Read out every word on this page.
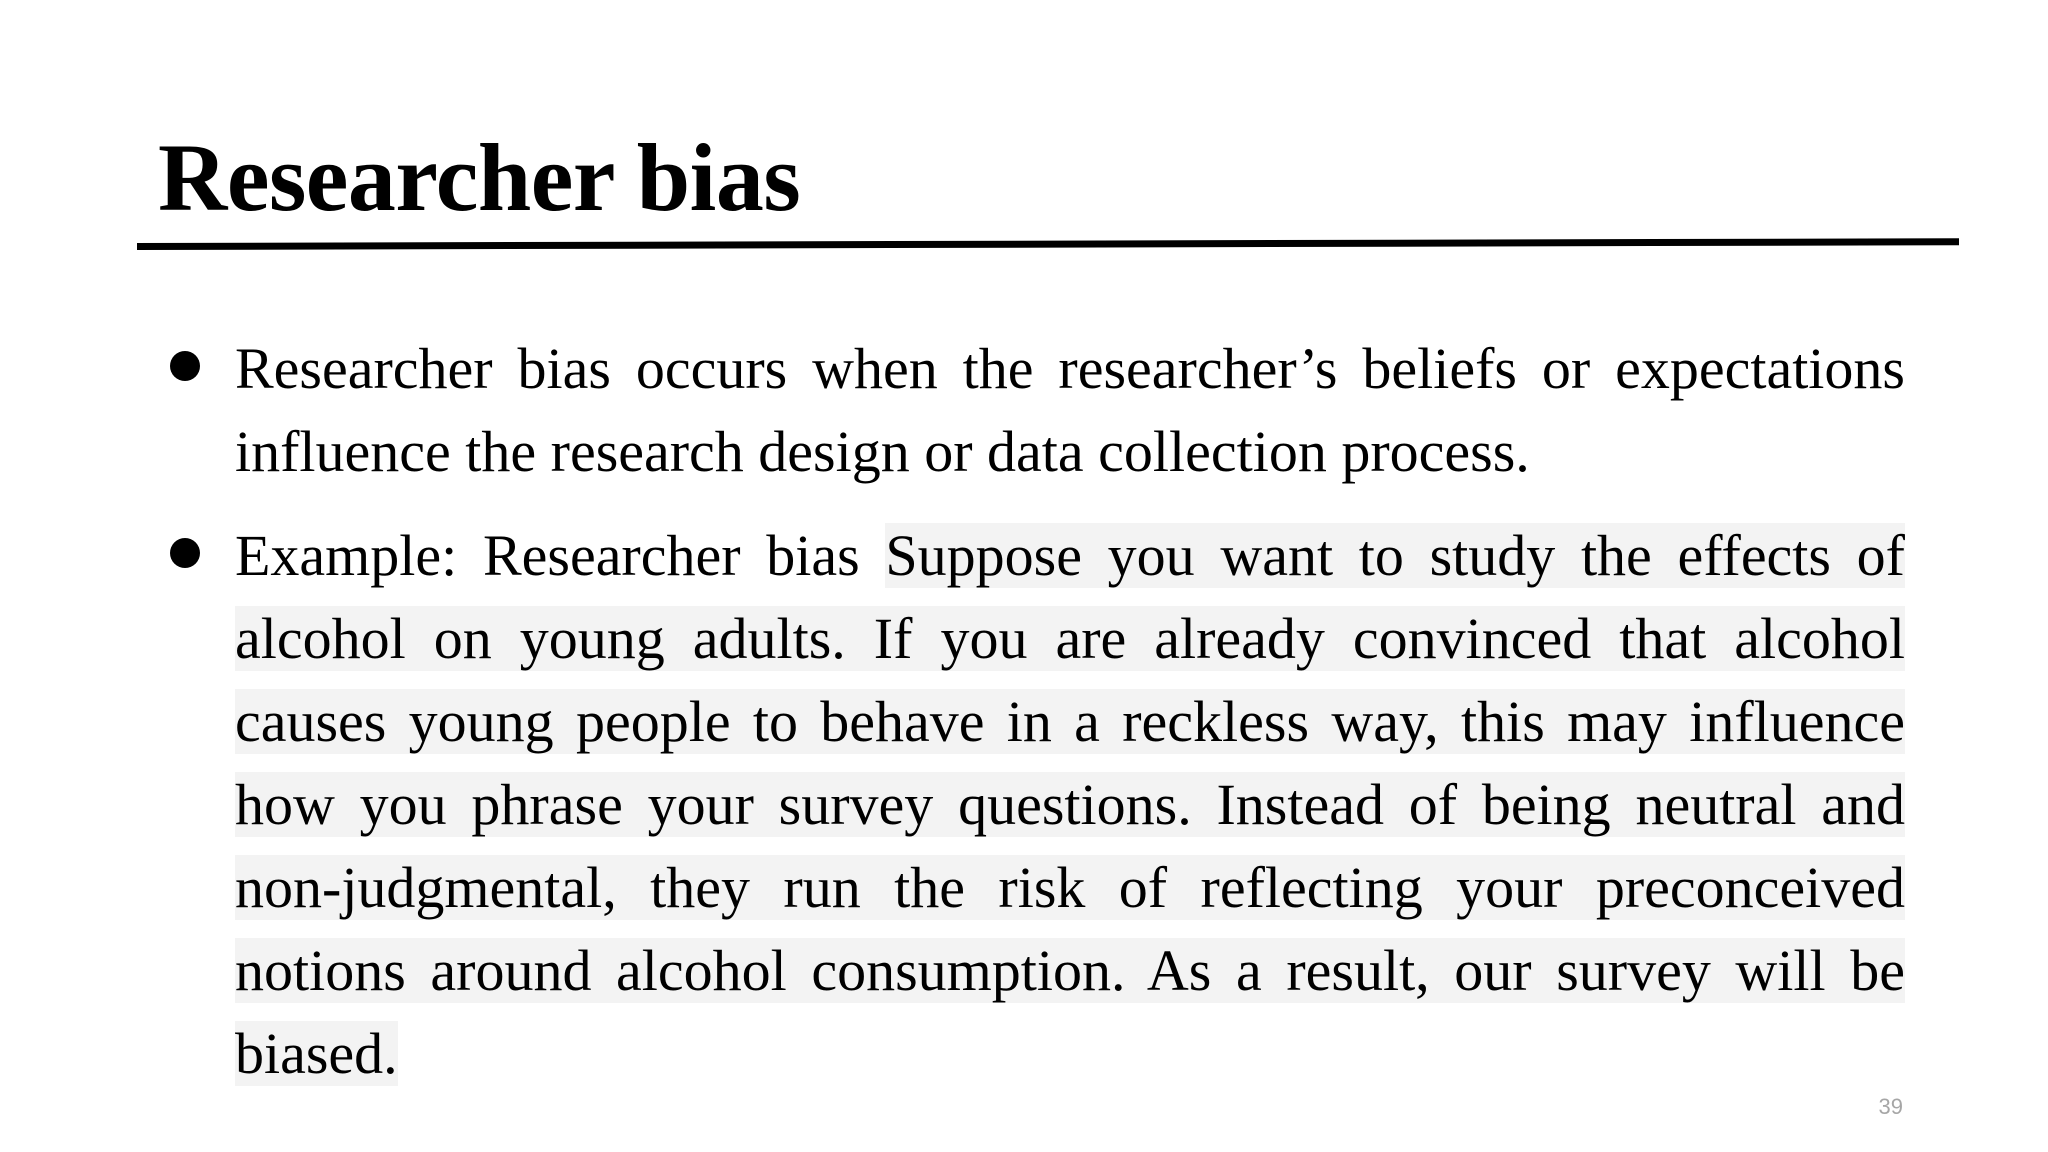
Researcher bias
Researcher bias occurs when the researcher’s beliefs or expectations influence the research design or data collection process.
Example: Researcher bias Suppose you want to study the effects of alcohol on young adults. If you are already convinced that alcohol causes young people to behave in a reckless way, this may influence how you phrase your survey questions. Instead of being neutral and non-judgmental, they run the risk of reflecting your preconceived notions around alcohol consumption. As a result, our survey will be biased.
39
